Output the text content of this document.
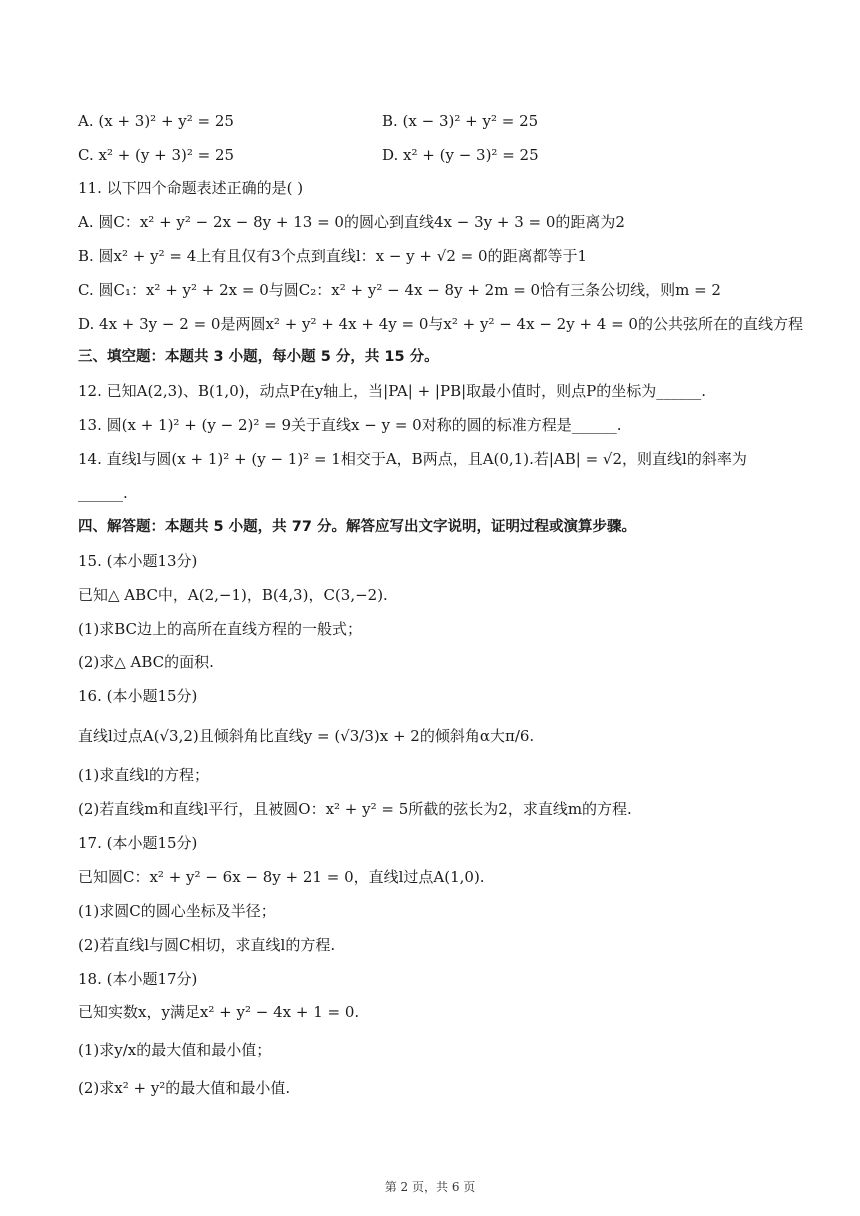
A. (x + 3)² + y² = 25	B. (x − 3)² + y² = 25
C. x² + (y + 3)² = 25	D. x² + (y − 3)² = 25
11. 以下四个命题表述正确的是( )
A. 圆C：x² + y² − 2x − 8y + 13 = 0的圆心到直线4x − 3y + 3 = 0的距离为2
B. 圆x² + y² = 4上有且仅有3个点到直线l：x − y + √2 = 0的距离都等于1
C. 圆C₁：x² + y² + 2x = 0与圆C₂：x² + y² − 4x − 8y + 2m = 0恰有三条公切线，则m = 2
D. 4x + 3y − 2 = 0是两圆x² + y² + 4x + 4y = 0与x² + y² − 4x − 2y + 4 = 0的公共弦所在的直线方程
三、填空题：本题共 3 小题，每小题 5 分，共 15 分。
12. 已知A(2,3)、B(1,0)，动点P在y轴上，当|PA| + |PB|取最小值时，则点P的坐标为______.
13. 圆(x + 1)² + (y − 2)² = 9关于直线x − y = 0对称的圆的标准方程是______.
14. 直线l与圆(x + 1)² + (y − 1)² = 1相交于A，B两点，且A(0,1).若|AB| = √2，则直线l的斜率为
______.
四、解答题：本题共 5 小题，共 77 分。解答应写出文字说明，证明过程或演算步骤。
15. (本小题13分)
已知△ ABC中，A(2,−1)，B(4,3)，C(3,−2).
(1)求BC边上的高所在直线方程的一般式；
(2)求△ ABC的面积.
16. (本小题15分)
直线l过点A(√3,2)且倾斜角比直线y = (√3/3)x + 2的倾斜角α大π/6.
(1)求直线l的方程；
(2)若直线m和直线l平行，且被圆O：x² + y² = 5所截的弦长为2，求直线m的方程.
17. (本小题15分)
已知圆C：x² + y² − 6x − 8y + 21 = 0，直线l过点A(1,0).
(1)求圆C的圆心坐标及半径；
(2)若直线l与圆C相切，求直线l的方程.
18. (本小题17分)
已知实数x，y满足x² + y² − 4x + 1 = 0.
(1)求y/x的最大值和最小值；
(2)求x² + y²的最大值和最小值.
第 2 页，共 6 页
